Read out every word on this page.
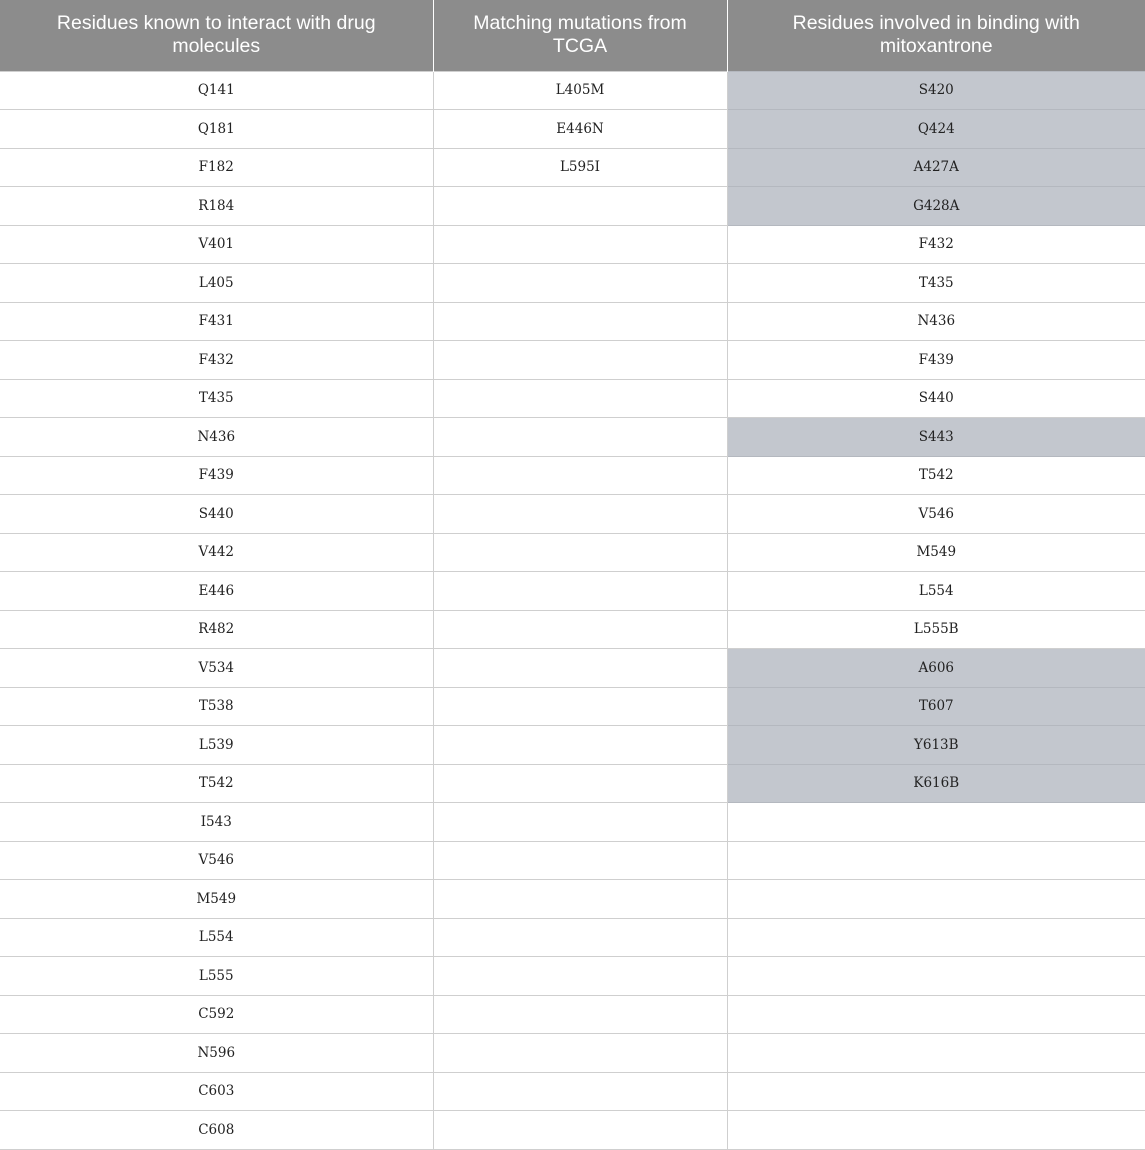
Residues known to interact with drug molecules	Matching mutations from TCGA	Residues involved in binding with mitoxantrone
Q141	L405M	S420
Q181	E446N	Q424
F182	L595I	A427A
R184		G428A
V401		F432
L405		T435
F431		N436
F432		F439
T435		S440
N436		S443
F439		T542
S440		V546
V442		M549
E446		L554
R482		L555B
V534		A606
T538		T607
L539		Y613B
T542		K616B
I543		
V546		
M549		
L554		
L555		
C592		
N596		
C603		
C608		
